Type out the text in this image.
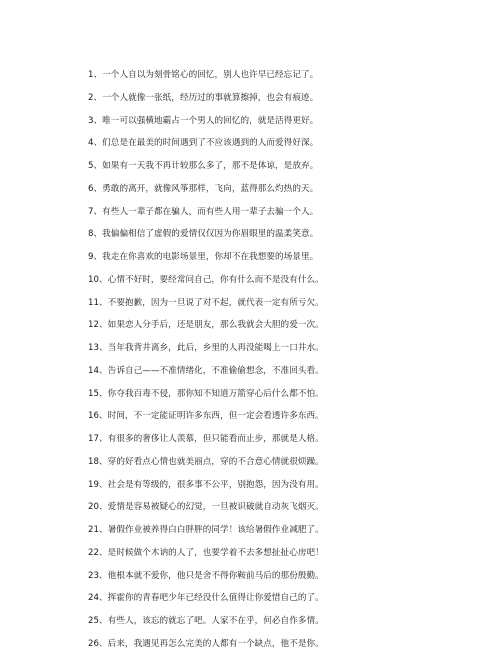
1、一个人自以为刻骨铭心的回忆，别人也许早已经忘记了。
2、一个人就像一张纸，经历过的事就算擦掉，也会有痕迹。
3、唯一可以强横地霸占一个男人的回忆的，就是活得更好。
4、们总是在最美的时间遇到了不应该遇到的人而爱得好深。
5、如果有一天我不再计较那么多了，那不是体谅，是放弃。
6、勇敢的离开，就像风筝那样，飞向，蓝得那么灼热的天。
7、有些人一辈子都在骗人，而有些人用一辈子去骗一个人。
8、我偏偏相信了虚假的爱情仅仅因为你眉眼里的温柔笑意。
9、我走在你喜欢的电影场景里，你却不在我想要的场景里。
10、心情不好时，要经常问自己，你有什么而不是没有什么。
11、不要抱歉，因为一旦说了对不起，就代表一定有所亏欠。
12、如果恋人分手后，还是朋友，那么我就会大胆的爱一次。
13、当年我背井离乡，此后，乡里的人再没能喝上一口井水。
14、告诉自己——不准情绪化，不准偷偷想念，不准回头看。
15、你夺我百毒不侵，那你知不知道万箭穿心后什么都不怕。
16、时间，不一定能证明许多东西，但一定会看透许多东西。
17、有很多的奢侈让人羡慕，但只能看而止步，那就是人格。
18、穿的好看点心情也就美丽点，穿的不合意心情就很烦躁。
19、社会是有等级的，很多事不公平，别抱怨，因为没有用。
20、爱情是容易被疑心的幻觉，一旦被识破就自动灰飞烟灭。
21、暑假作业被养得白白胖胖的同学！该给暑假作业减肥了。
22、是时候做个木讷的人了，也要学着不去多想扯扯心房吧！
23、他根本就不爱你，他只是舍不得你鞍前马后的那份殷勤。
24、挥霍你的青春吧少年已经没什么值得让你爱惜自己的了。
25、有些人，该忘的就忘了吧。人家不在乎，何必自作多情。
26、后来，我遇见再怎么完美的人都有一个缺点，他不是你。
